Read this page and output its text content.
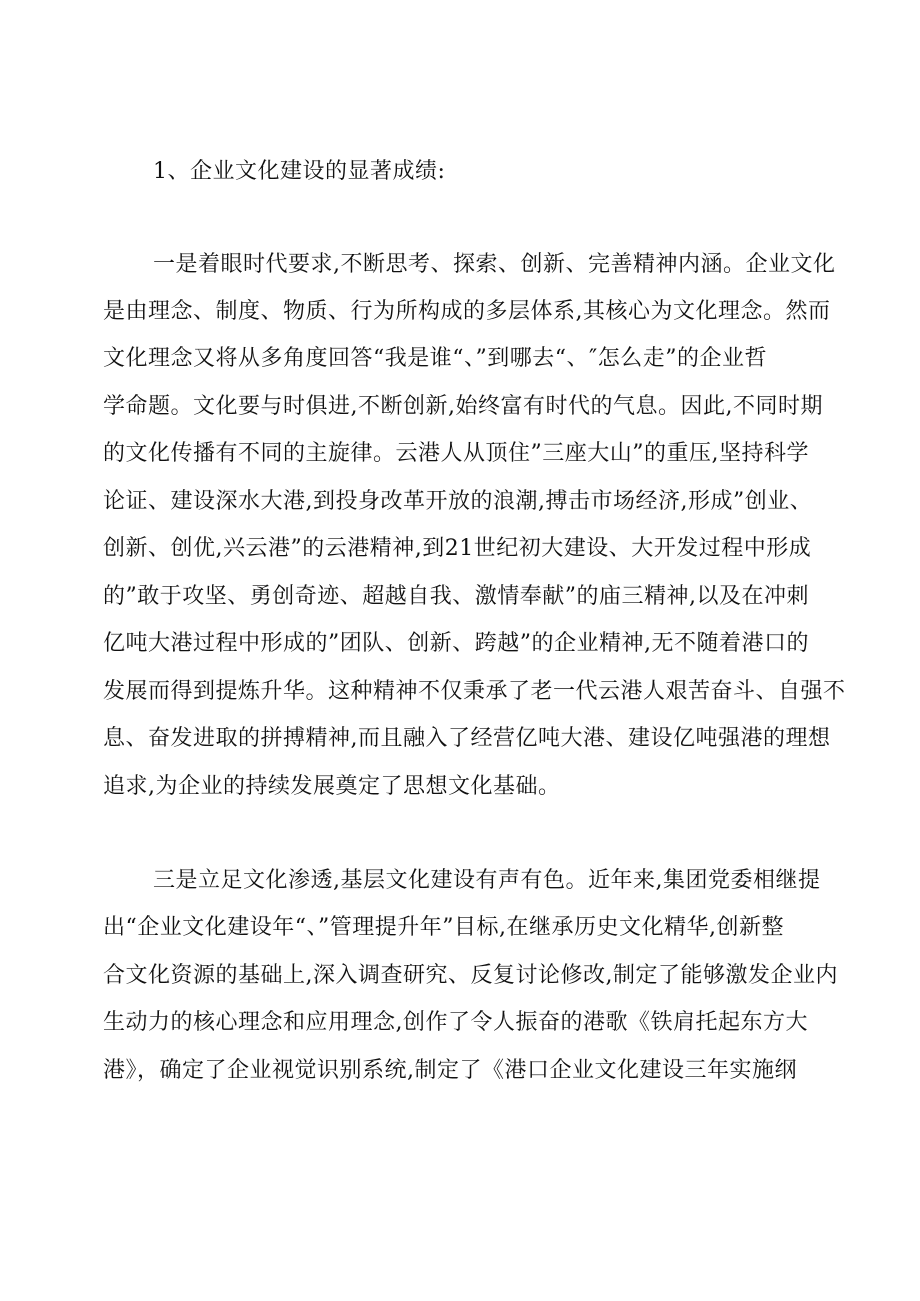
1、企业文化建设的显著成绩:

一是着眼时代要求,不断思考、探索、创新、完善精神内涵。企业文化

是由理念、制度、物质、行为所构成的多层体系,其核心为文化理念。然而

文化理念又将从多角度回答“我是谁“、”到哪去“、″怎么走”的企业哲

学命题。文化要与时俱进,不断创新,始终富有时代的气息。因此,不同时期

的文化传播有不同的主旋律。云港人从顶住”三座大山”的重压,坚持科学

论证、建设深水大港,到投身改革开放的浪潮,搏击市场经济,形成”创业、

创新、创优,兴云港”的云港精神,到21世纪初大建设、大开发过程中形成

的”敢于攻坚、勇创奇迹、超越自我、激情奉献”的庙三精神,以及在冲刺

亿吨大港过程中形成的”团队、创新、跨越”的企业精神,无不随着港口的

发展而得到提炼升华。这种精神不仅秉承了老一代云港人艰苦奋斗、自强不

息、奋发进取的拼搏精神,而且融入了经营亿吨大港、建设亿吨强港的理想

追求,为企业的持续发展奠定了思想文化基础。

三是立足文化渗透,基层文化建设有声有色。近年来,集团党委相继提

出“企业文化建设年“、”管理提升年”目标,在继承历史文化精华,创新整

合文化资源的基础上,深入调查研究、反复讨论修改,制定了能够激发企业内

生动力的核心理念和应用理念,创作了令人振奋的港歌《铁肩托起东方大

港》，确定了企业视觉识别系统,制定了《港口企业文化建设三年实施纲
